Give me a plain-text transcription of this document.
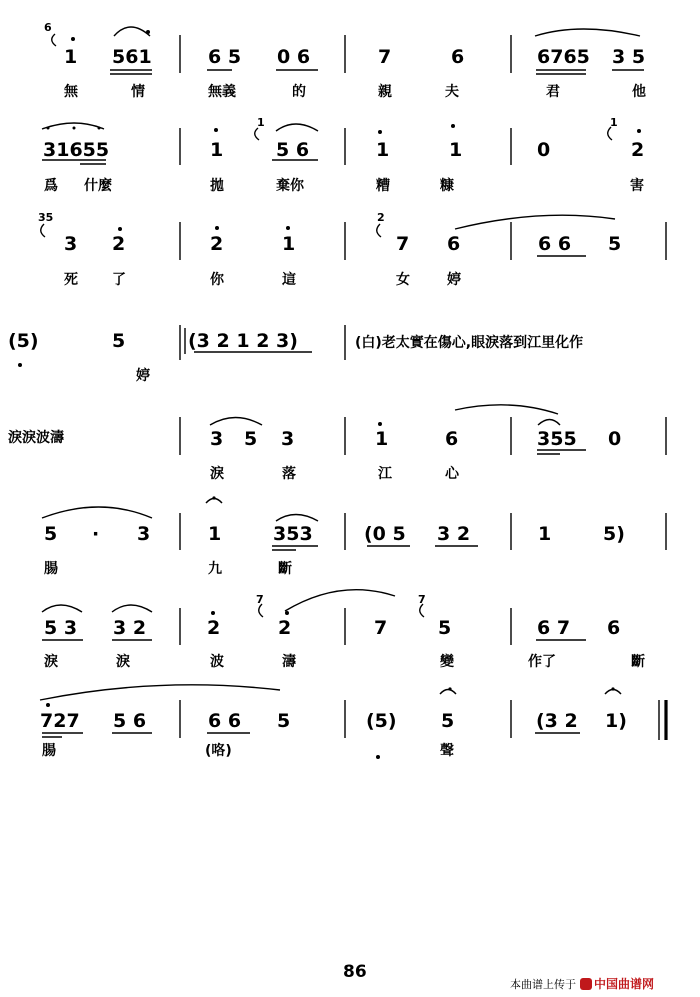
6
1 561	6 5 0 6	7	6	6765 3 5
無	情	無義	的	親	夫	君	他
1	1
31655	1	5 6	1	1	0	2
爲 什麼	拋	棄你	糟	糠	害
35	2
3 2	2	1	7 6	6 6 5
死 了	你	這	女	婷
(5)	5	(3 2 1 2 3)
婷
(白)老太實在傷心,眼淚落到江里化作
淚淚波濤	3 5 3	1	6	355 0
淚	落	江	心
5 · 3	1	353	(0 5 3 2	1	5)
腸	九	斷
7	7
5 3 3 2	2	2	7	5	6 7 6
淚	淚	波	濤	變	作了	斷
727 5 6	6 6 5	(5) 5	(3 2 1)
腸	(咯)	聲
86
本曲谱上传于 中国曲谱网
